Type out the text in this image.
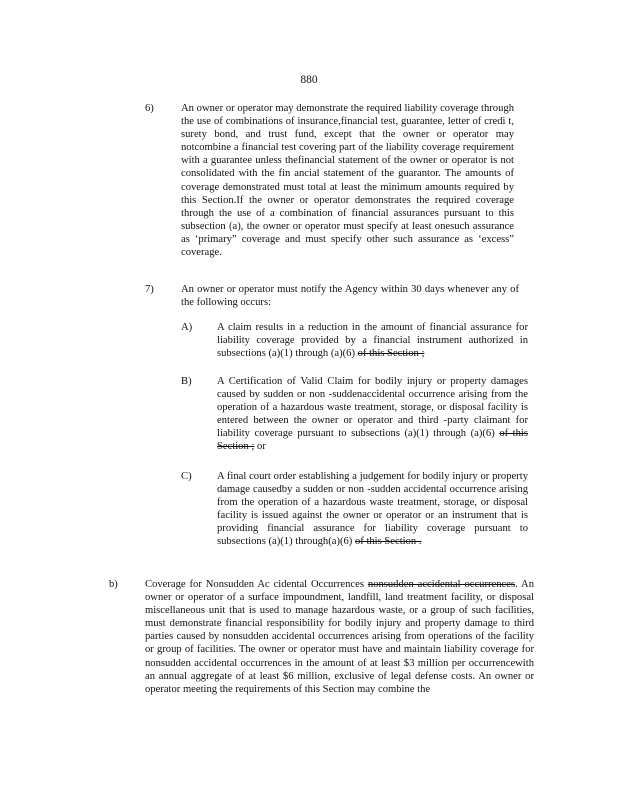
880
6)	An owner or operator may demonstrate the required liability coverage through the use of combinations of insurance,financial test, guarantee, letter of credi t, surety bond, and trust fund, except that the owner or operator may notcombine a financial test covering part of the liability coverage requirement with a guarantee unless thefinancial statement of the owner or operator is not consolidated with the fin ancial statement of the guarantor. The amounts of coverage demonstrated must total at least the minimum amounts required by this Section.If the owner or operator demonstrates the required coverage through the use of a combination of financial assurances pursuant to this subsection (a), the owner or operator must specify at least onesuch assurance as ‘primary” coverage and must specify other such assurance as ‘excess” coverage.
7)	An owner or operator must notify the Agency within 30 days whenever any of the following occurs:
A) A claim results in a reduction in the amount of financial assurance for liability coverage provided by a financial instrument authorized in subsections (a)(1) through (a)(6) of this Section ;
B) A Certification of Valid Claim for bodily injury or property damages caused by sudden or non -suddenaccidental occurrence arising from the operation of a hazardous waste treatment, storage, or disposal facility is entered between the owner or operator and third -party claimant for liability coverage pursuant to subsections (a)(1) through (a)(6) of this Section ; or
C) A final court order establishing a judgement for bodily injury or property damage causedby a sudden or non -sudden accidental occurrence arising from the operation of a hazardous waste treatment, storage, or disposal facility is issued against the owner or operator or an instrument that is providing financial assurance for liability coverage pursuant to subsections (a)(1) through(a)(6) of this Section .
b)	Coverage for Nonsudden Ac cidental Occurrences nonsudden accidental occurrences. An owner or operator of a surface impoundment, landfill, land treatment facility, or disposal miscellaneous unit that is used to manage hazardous waste, or a group of such facilities, must demonstrate financial responsibility for bodily injury and property damage to third parties caused by nonsudden accidental occurrences arising from operations of the facility or group of facilities. The owner or operator must have and maintain liability coverage for nonsudden accidental occurrences in the amount of at least $3 million per occurrencewith an annual aggregate of at least $6 million, exclusive of legal defense costs. An owner or operator meeting the requirements of this Section may combine the
